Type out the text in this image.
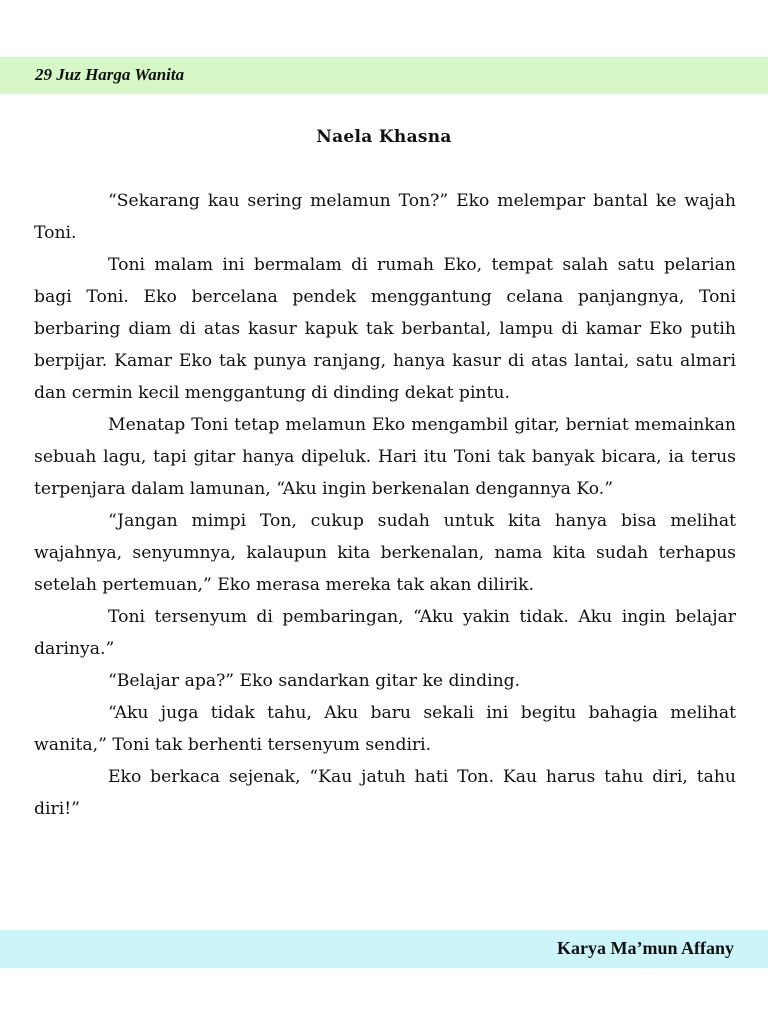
29 Juz Harga Wanita
Naela Khasna

“Sekarang kau sering melamun Ton?” Eko melempar bantal ke wajah Toni.

Toni malam ini bermalam di rumah Eko, tempat salah satu pelarian bagi Toni. Eko bercelana pendek menggantung celana panjangnya, Toni berbaring diam di atas kasur kapuk tak berbantal, lampu di kamar Eko putih berpijar. Kamar Eko tak punya ranjang, hanya kasur di atas lantai, satu almari dan cermin kecil menggantung di dinding dekat pintu.

Menatap Toni tetap melamun Eko mengambil gitar, berniat memainkan sebuah lagu, tapi gitar hanya dipeluk. Hari itu Toni tak banyak bicara, ia terus terpenjara dalam lamunan, “Aku ingin berkenalan dengannya Ko.”

“Jangan mimpi Ton, cukup sudah untuk kita hanya bisa melihat wajahnya, senyumnya, kalaupun kita berkenalan, nama kita sudah terhapus setelah pertemuan,” Eko merasa mereka tak akan dilirik.

Toni tersenyum di pembaringan, “Aku yakin tidak. Aku ingin belajar darinya.”

“Belajar apa?” Eko sandarkan gitar ke dinding.

“Aku juga tidak tahu, Aku baru sekali ini begitu bahagia melihat wanita,” Toni tak berhenti tersenyum sendiri.

Eko berkaca sejenak, “Kau jatuh hati Ton. Kau harus tahu diri, tahu diri!”

Karya Ma’mun Affany
